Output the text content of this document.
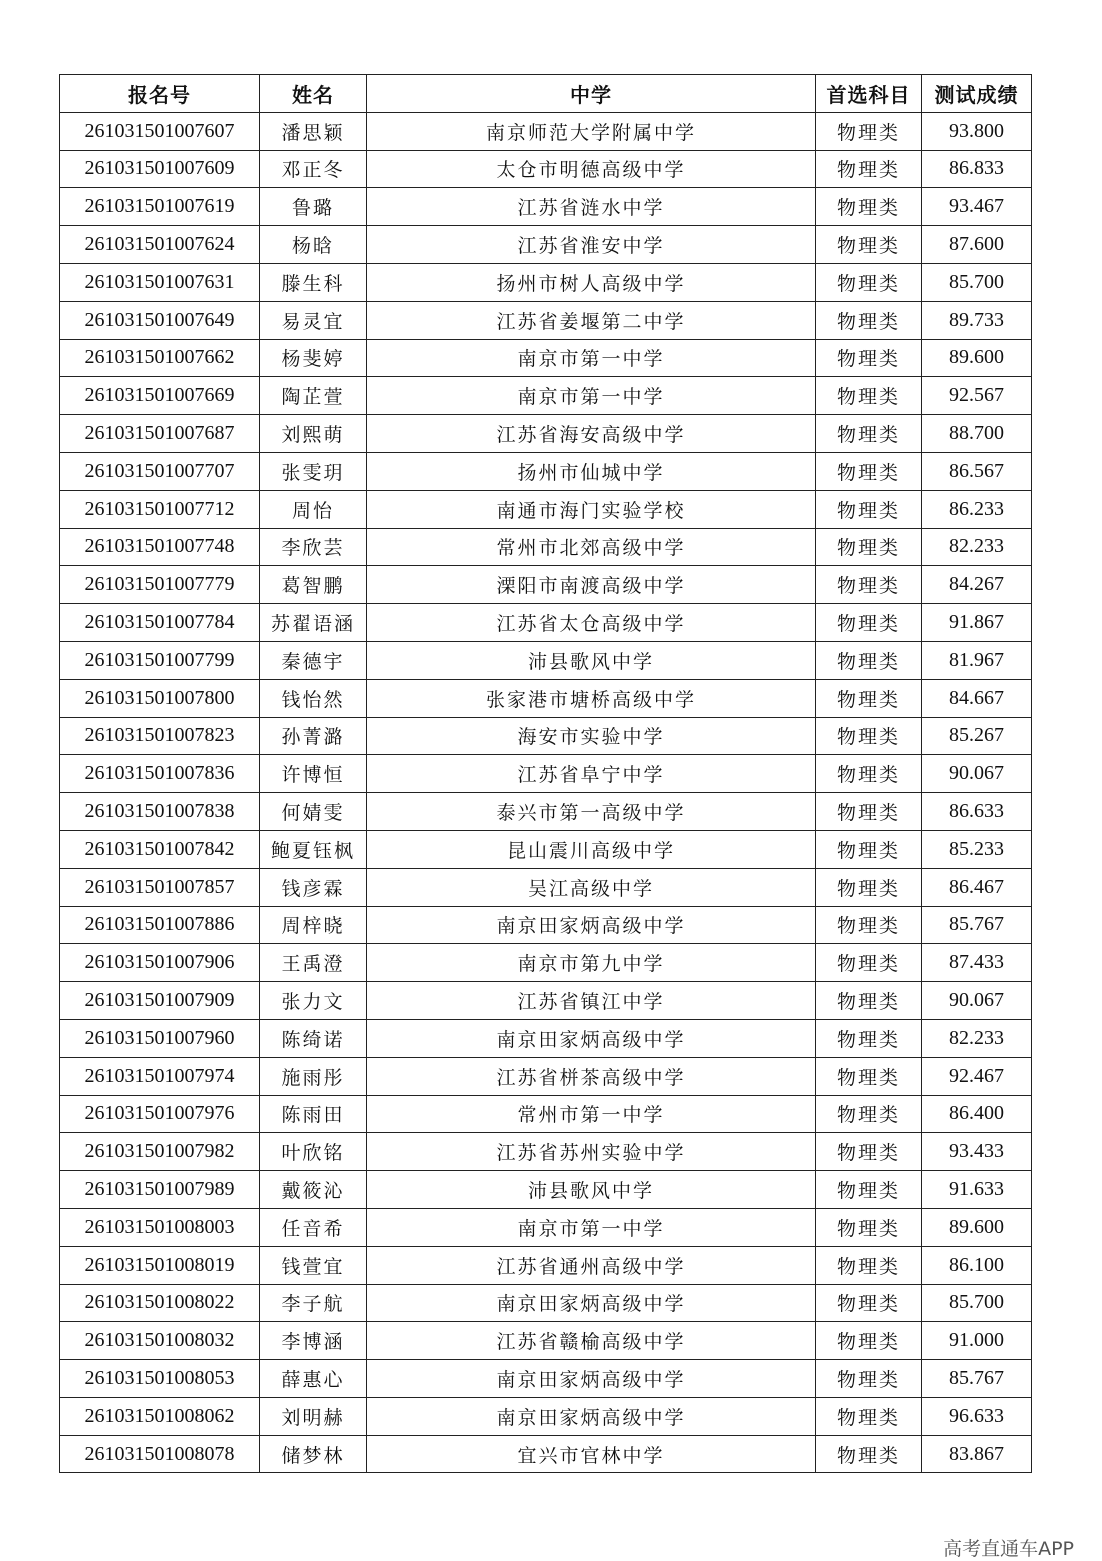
报名号	姓名	中学	首选科目	测试成绩
261031501007607	潘思颖	南京师范大学附属中学	物理类	93.800
261031501007609	邓正冬	太仓市明德高级中学	物理类	86.833
261031501007619	鲁璐	江苏省涟水中学	物理类	93.467
261031501007624	杨晗	江苏省淮安中学	物理类	87.600
261031501007631	滕生科	扬州市树人高级中学	物理类	85.700
261031501007649	易灵宜	江苏省姜堰第二中学	物理类	89.733
261031501007662	杨斐婷	南京市第一中学	物理类	89.600
261031501007669	陶芷萱	南京市第一中学	物理类	92.567
261031501007687	刘熙萌	江苏省海安高级中学	物理类	88.700
261031501007707	张雯玥	扬州市仙城中学	物理类	86.567
261031501007712	周怡	南通市海门实验学校	物理类	86.233
261031501007748	李欣芸	常州市北郊高级中学	物理类	82.233
261031501007779	葛智鹏	溧阳市南渡高级中学	物理类	84.267
261031501007784	苏翟语涵	江苏省太仓高级中学	物理类	91.867
261031501007799	秦德宇	沛县歌风中学	物理类	81.967
261031501007800	钱怡然	张家港市塘桥高级中学	物理类	84.667
261031501007823	孙菁潞	海安市实验中学	物理类	85.267
261031501007836	许博恒	江苏省阜宁中学	物理类	90.067
261031501007838	何婧雯	泰兴市第一高级中学	物理类	86.633
261031501007842	鲍夏钰枫	昆山震川高级中学	物理类	85.233
261031501007857	钱彦霖	吴江高级中学	物理类	86.467
261031501007886	周梓晓	南京田家炳高级中学	物理类	85.767
261031501007906	王禹澄	南京市第九中学	物理类	87.433
261031501007909	张力文	江苏省镇江中学	物理类	90.067
261031501007960	陈绮诺	南京田家炳高级中学	物理类	82.233
261031501007974	施雨彤	江苏省栟茶高级中学	物理类	92.467
261031501007976	陈雨田	常州市第一中学	物理类	86.400
261031501007982	叶欣铭	江苏省苏州实验中学	物理类	93.433
261031501007989	戴筱沁	沛县歌风中学	物理类	91.633
261031501008003	任音希	南京市第一中学	物理类	89.600
261031501008019	钱萱宜	江苏省通州高级中学	物理类	86.100
261031501008022	李子航	南京田家炳高级中学	物理类	85.700
261031501008032	李博涵	江苏省赣榆高级中学	物理类	91.000
261031501008053	薛惠心	南京田家炳高级中学	物理类	85.767
261031501008062	刘明赫	南京田家炳高级中学	物理类	96.633
261031501008078	储梦林	宜兴市官林中学	物理类	83.867
高考直通车APP
